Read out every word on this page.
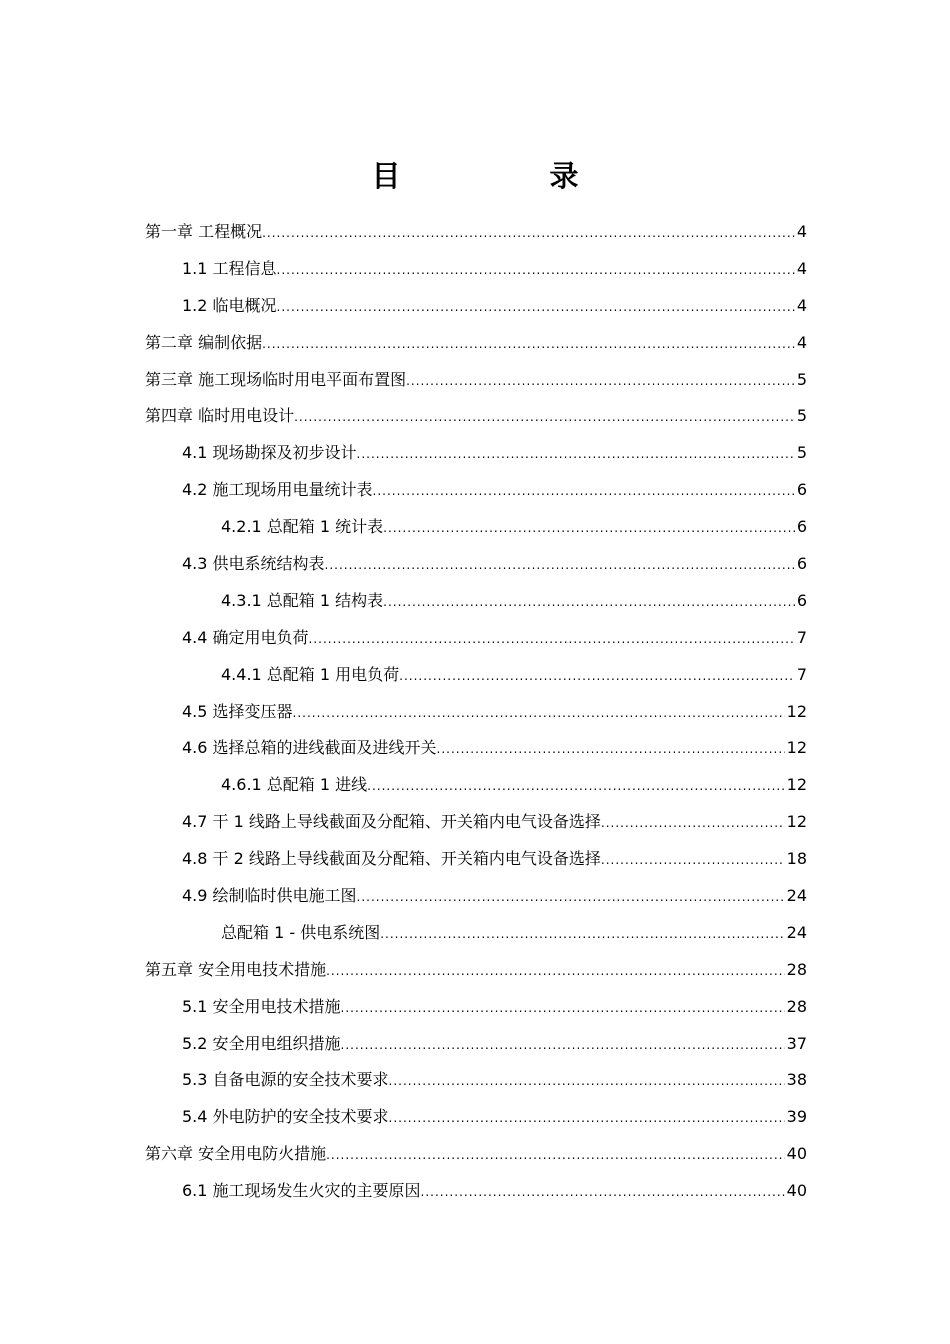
目　录
第一章 工程概况 .....	4
1.1 工程信息 .....	4
1.2 临电概况 .....	4
第二章 编制依据 .....	4
第三章 施工现场临时用电平面布置图 .....	5
第四章 临时用电设计 .....	5
4.1 现场勘探及初步设计 .....	5
4.2 施工现场用电量统计表 .....	6
4.2.1 总配箱 1 统计表 .....	6
4.3 供电系统结构表 .....	6
4.3.1 总配箱 1 结构表 .....	6
4.4 确定用电负荷 .....	7
4.4.1 总配箱 1 用电负荷 .....	7
4.5 选择变压器 .....	12
4.6 选择总箱的进线截面及进线开关 .....	12
4.6.1 总配箱 1 进线 .....	12
4.7 干 1 线路上导线截面及分配箱、开关箱内电气设备选择 .....	12
4.8 干 2 线路上导线截面及分配箱、开关箱内电气设备选择 .....	18
4.9 绘制临时供电施工图 .....	24
总配箱 1 - 供电系统图 .....	24
第五章 安全用电技术措施 .....	28
5.1 安全用电技术措施 .....	28
5.2 安全用电组织措施 .....	37
5.3 自备电源的安全技术要求 .....	38
5.4 外电防护的安全技术要求 .....	39
第六章 安全用电防火措施 .....	40
6.1 施工现场发生火灾的主要原因 .....	40
